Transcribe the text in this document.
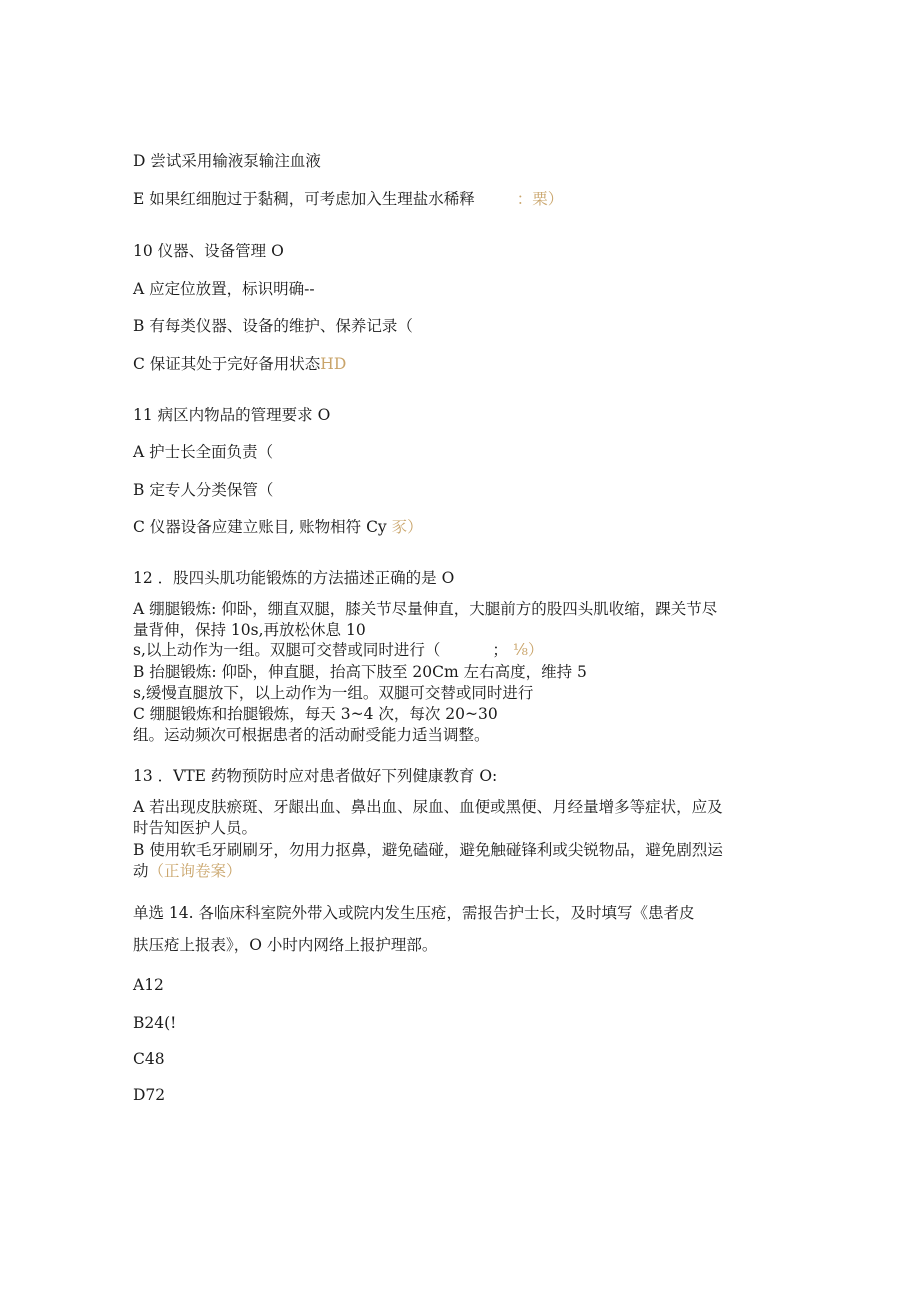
D 尝试采用输液泵输注血液
E 如果红细胞过于黏稠，可考虑加入生理盐水稀释	：栗）
10 仪器、设备管理 O
A 应定位放置，标识明确--
B 有每类仪器、设备的维护、保养记录（
C 保证其处于完好备用状态HD
11 病区内物品的管理要求 O
A 护士长全面负责（
B 定专人分类保管（
C 仪器设备应建立账目, 账物相符 Cy 豕）
12 ．股四头肌功能锻炼的方法描述正确的是 O
A 绷腿锻炼: 仰卧，绷直双腿，膝关节尽量伸直，大腿前方的股四头肌收缩，踝关节尽
量背伸，保持 10s,再放松休息 10
s,以上动作为一组。双腿可交替或同时进行（	； ⅛）
B 抬腿锻炼: 仰卧，伸直腿，抬高下肢至 20Cm 左右高度，维持 5
s,缓慢直腿放下，以上动作为一组。双腿可交替或同时进行
C 绷腿锻炼和抬腿锻炼，每天 3~4 次，每次 20~30
组。运动频次可根据患者的活动耐受能力适当调整。
13 ．VTE 药物预防时应对患者做好下列健康教育 O:
A 若出现皮肤瘀斑、牙龈出血、鼻出血、尿血、血便或黑便、月经量增多等症状，应及
时告知医护人员。
B 使用软毛牙刷刷牙，勿用力抠鼻，避免磕碰，避免触碰锋利或尖锐物品，避免剧烈运
动（正询卷案）
单选 14. 各临床科室院外带入或院内发生压疮，需报告护士长，及时填写《患者皮
肤压疮上报表》，O 小时内网络上报护理部。
A12
B24(!
C48
D72
